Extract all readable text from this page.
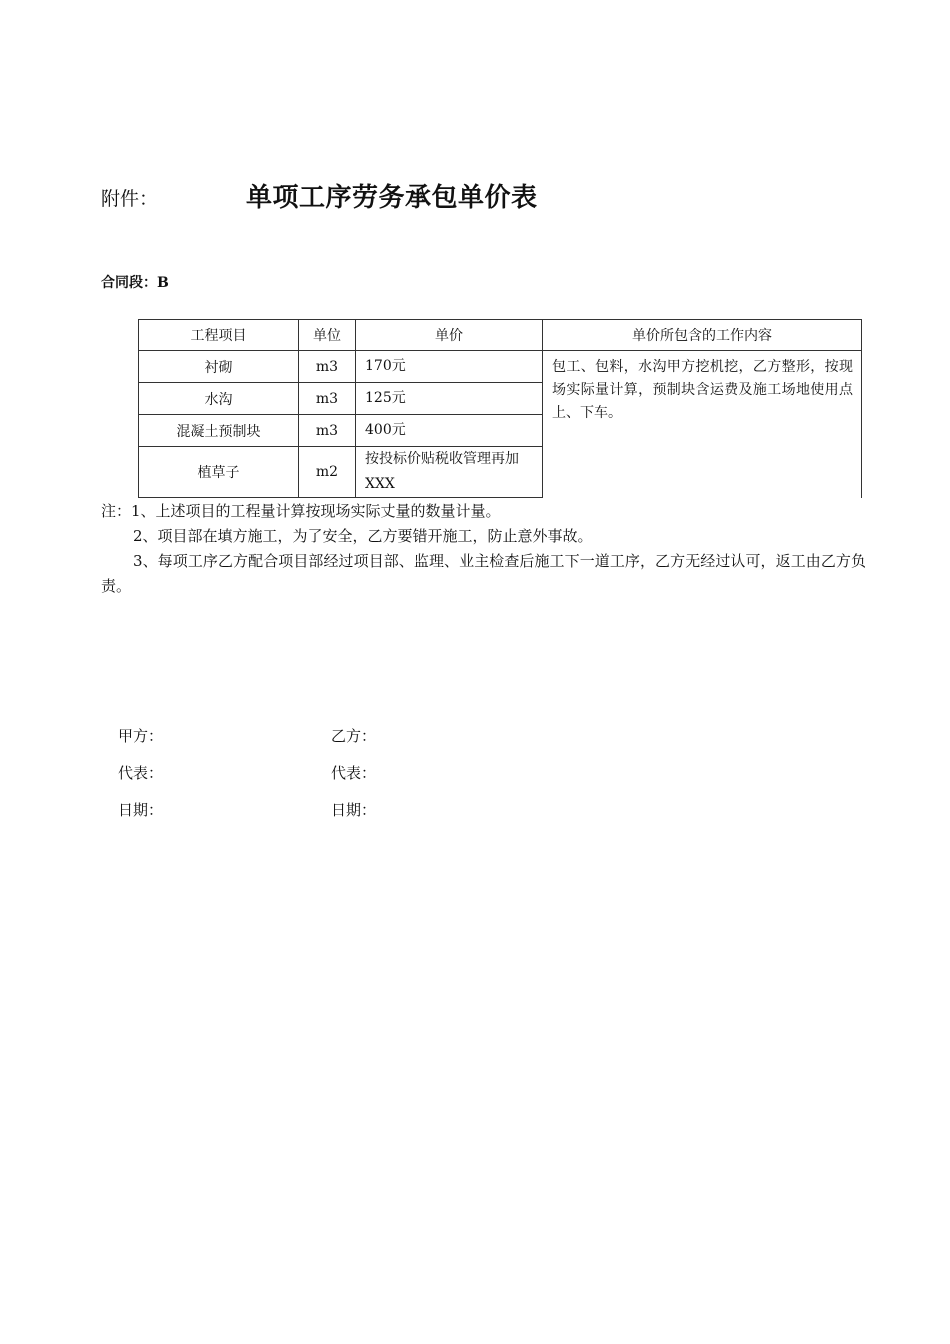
附件：	单项工序劳务承包单价表
合同段：B
工程项目	单位	单价	单价所包含的工作内容
衬砌	m3	170元	包工、包料，水沟甲方挖机挖，乙方整形，按现场实际量计算，预制块含运费及施工场地使用点上、下车。
水沟	m3	125元	
混凝土预制块	m3	400元	
植草子	m2	按投标价贴税收管理再加XXX	

注：1、上述项目的工程量计算按现场实际丈量的数量计量。

2、项目部在填方施工，为了安全，乙方要错开施工，防止意外事故。

3、每项工序乙方配合项目部经过项目部、监理、业主检查后施工下一道工序，乙方无经过认可，返工由乙方负责。

甲方：	乙方：
代表：	代表：
日期：	日期：
